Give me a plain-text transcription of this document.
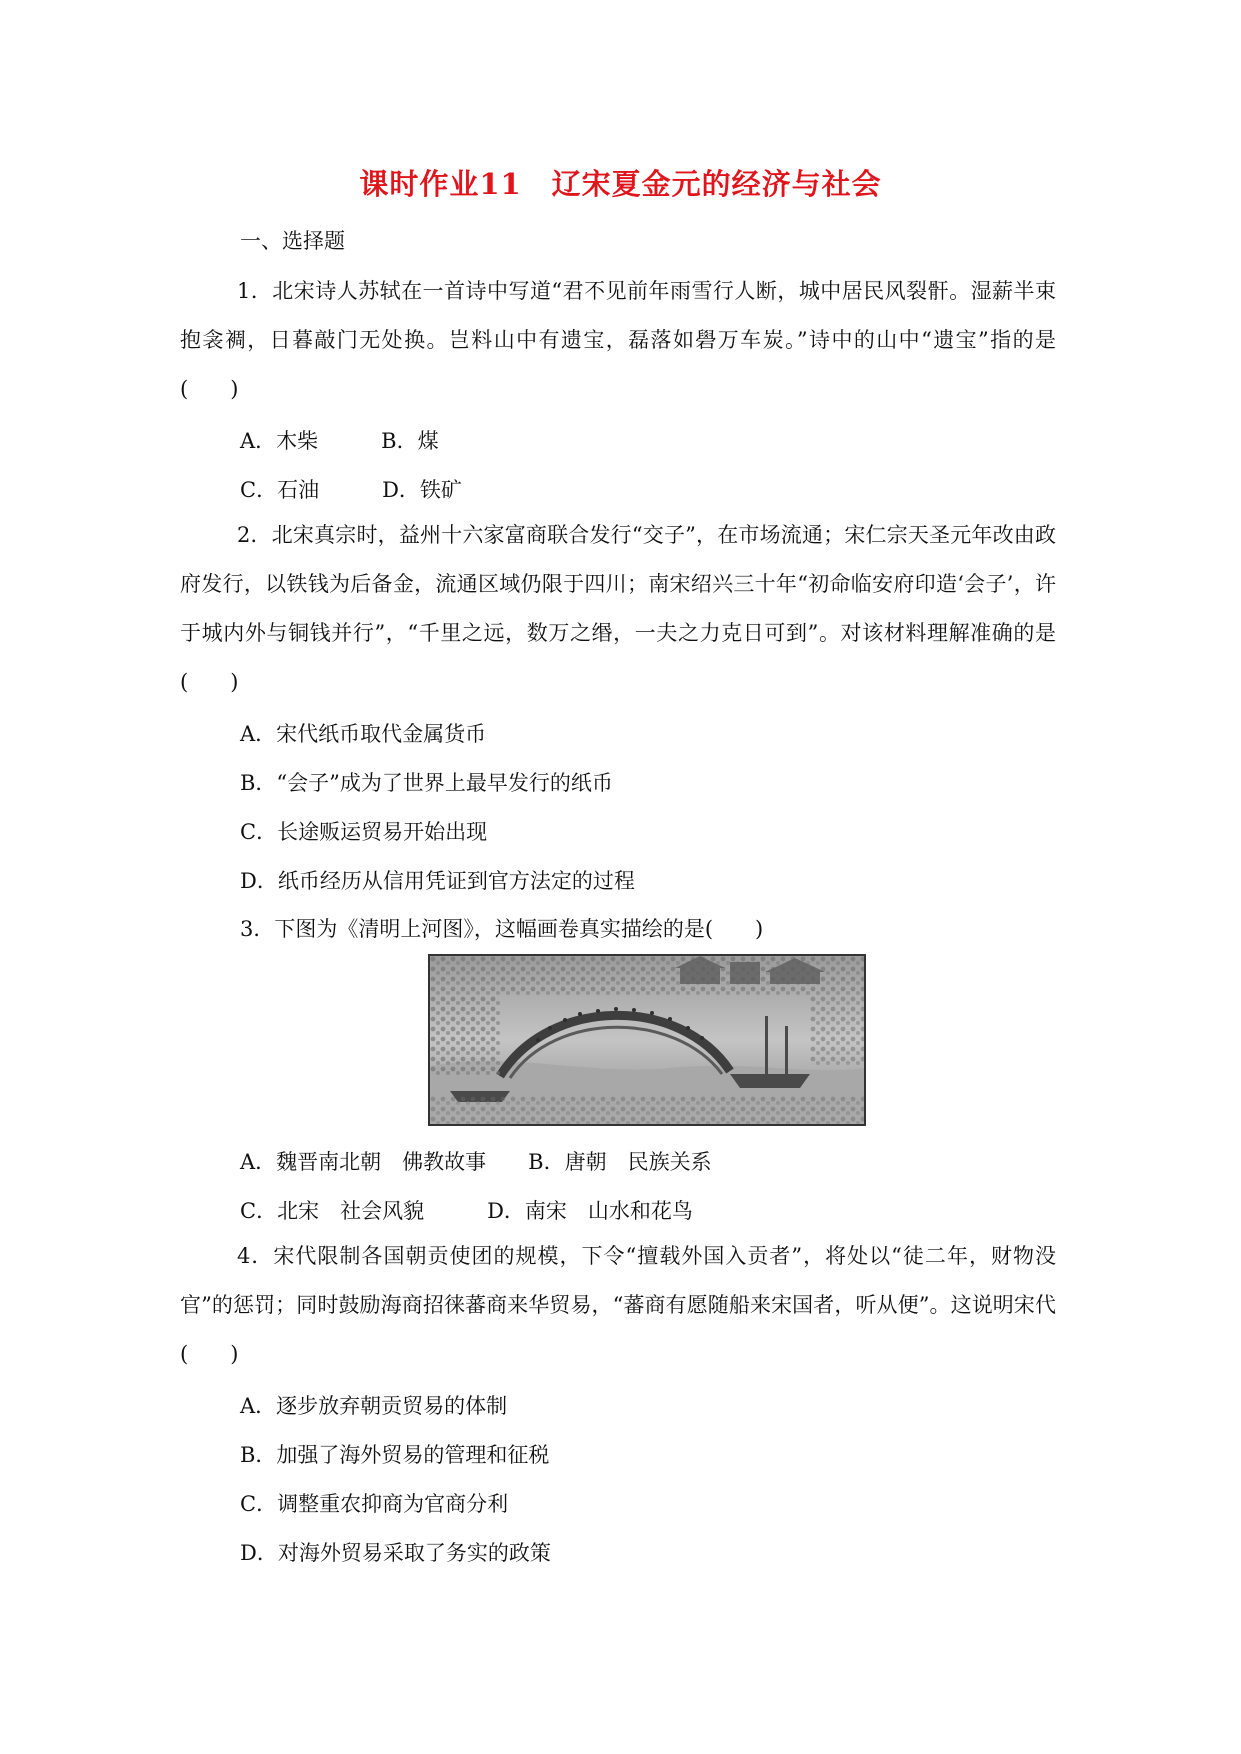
课时作业11　辽宋夏金元的经济与社会
一、选择题
1．北宋诗人苏轼在一首诗中写道“君不见前年雨雪行人断，城中居民风裂骭。湿薪半束抱衾裯，日暮敲门无处换。岂料山中有遗宝，磊落如礐万车炭。”诗中的山中“遗宝”指的是(　　)
A．木柴　　　B．煤
C．石油　　　D．铁矿
2．北宋真宗时，益州十六家富商联合发行“交子”，在市场流通；宋仁宗天圣元年改由政府发行，以铁钱为后备金，流通区域仍限于四川；南宋绍兴三十年“初命临安府印造‘会子’，许于城内外与铜钱并行”，“千里之远，数万之缗，一夫之力克日可到”。对该材料理解准确的是(　　)
A．宋代纸币取代金属货币
B．“会子”成为了世界上最早发行的纸币
C．长途贩运贸易开始出现
D．纸币经历从信用凭证到官方法定的过程
3．下图为《清明上河图》，这幅画卷真实描绘的是(　　)
A．魏晋南北朝　佛教故事　　B．唐朝　民族关系
C．北宋　社会风貌　　　D．南宋　山水和花鸟
4．宋代限制各国朝贡使团的规模，下令“擅载外国入贡者”，将处以“徒二年，财物没官”的惩罚；同时鼓励海商招徕蕃商来华贸易，“蕃商有愿随船来宋国者，听从便”。这说明宋代(　　)
A．逐步放弃朝贡贸易的体制
B．加强了海外贸易的管理和征税
C．调整重农抑商为官商分利
D．对海外贸易采取了务实的政策
